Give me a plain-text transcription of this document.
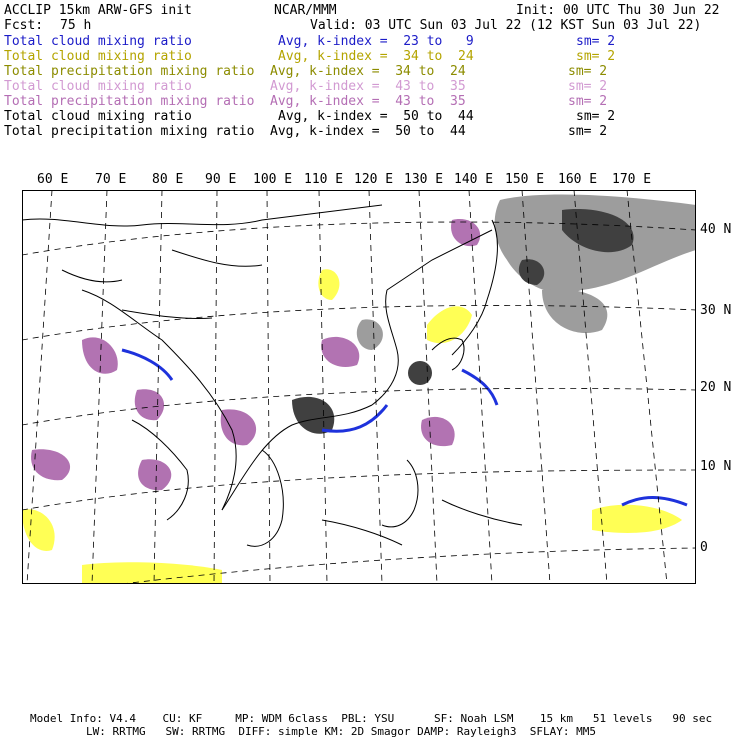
ACCLIP 15km ARW-GFS init	NCAR/MMM	Init: 00 UTC Thu 30 Jun 22
Fcst: 75 h	Valid: 03 UTC Sun 03 Jul 22 (12 KST Sun 03 Jul 22)
Total cloud mixing ratio	Avg, k-index =  23 to   9	sm= 2
Total cloud mixing ratio	Avg, k-index =  34 to  24	sm= 2
Total precipitation mixing ratio Avg, k-index =  34 to  24	sm= 2
Total cloud mixing ratio	Avg, k-index =  43 to  35	sm= 2
Total precipitation mixing ratio Avg, k-index =  43 to  35	sm= 2
Total cloud mixing ratio	Avg, k-index =  50 to  44	sm= 2
Total precipitation mixing ratio Avg, k-index =  50 to  44	sm= 2

60 E

70 E

80 E

90 E

100 E

110 E

120 E

130 E

140 E

150 E

160 E

170 E

40 N
30 N
20 N
10 N
0
Model Info: V4.4    CU: KF     MP: WDM 6class  PBL: YSU      SF: Noah LSM    15 km   51 levels   90 sec
LW: RRTMG   SW: RRTMG  DIFF: simple KM: 2D Smagor DAMP: Rayleigh3  SFLAY: MM5
